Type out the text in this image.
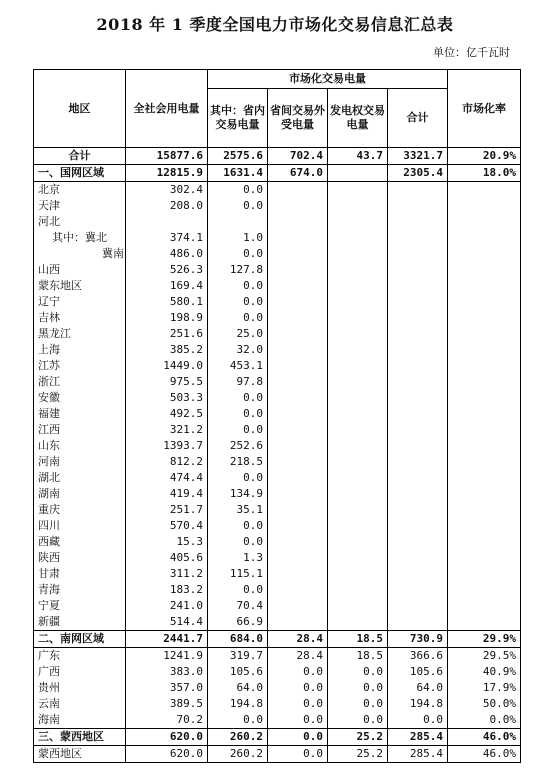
2018 年 1 季度全国电力市场化交易信息汇总表
单位：亿千瓦时
地区	全社会用电量	市场化交易电量				市场化率
		其中：省内交易电量	省间交易外受电量	发电权交易电量	合计	
合计	15877.6	2575.6	702.4	43.7	3321.7	20.9%
一、国网区域	12815.9	1631.4	674.0		2305.4	18.0%
北京	302.4	0.0				
天津	208.0	0.0				
河北						
其中：冀北	374.1	1.0				
冀南	486.0	0.0				
山西	526.3	127.8				
蒙东地区	169.4	0.0				
辽宁	580.1	0.0				
吉林	198.9	0.0				
黑龙江	251.6	25.0				
上海	385.2	32.0				
江苏	1449.0	453.1				
浙江	975.5	97.8				
安徽	503.3	0.0				
福建	492.5	0.0				
江西	321.2	0.0				
山东	1393.7	252.6				
河南	812.2	218.5				
湖北	474.4	0.0				
湖南	419.4	134.9				
重庆	251.7	35.1				
四川	570.4	0.0				
西藏	15.3	0.0				
陕西	405.6	1.3				
甘肃	311.2	115.1				
青海	183.2	0.0				
宁夏	241.0	70.4				
新疆	514.4	66.9				
二、南网区域	2441.7	684.0	28.4	18.5	730.9	29.9%
广东	1241.9	319.7	28.4	18.5	366.6	29.5%
广西	383.0	105.6	0.0	0.0	105.6	40.9%
贵州	357.0	64.0	0.0	0.0	64.0	17.9%
云南	389.5	194.8	0.0	0.0	194.8	50.0%
海南	70.2	0.0	0.0	0.0	0.0	0.0%
三、蒙西地区	620.0	260.2	0.0	25.2	285.4	46.0%
蒙西地区	620.0	260.2	0.0	25.2	285.4	46.0%
